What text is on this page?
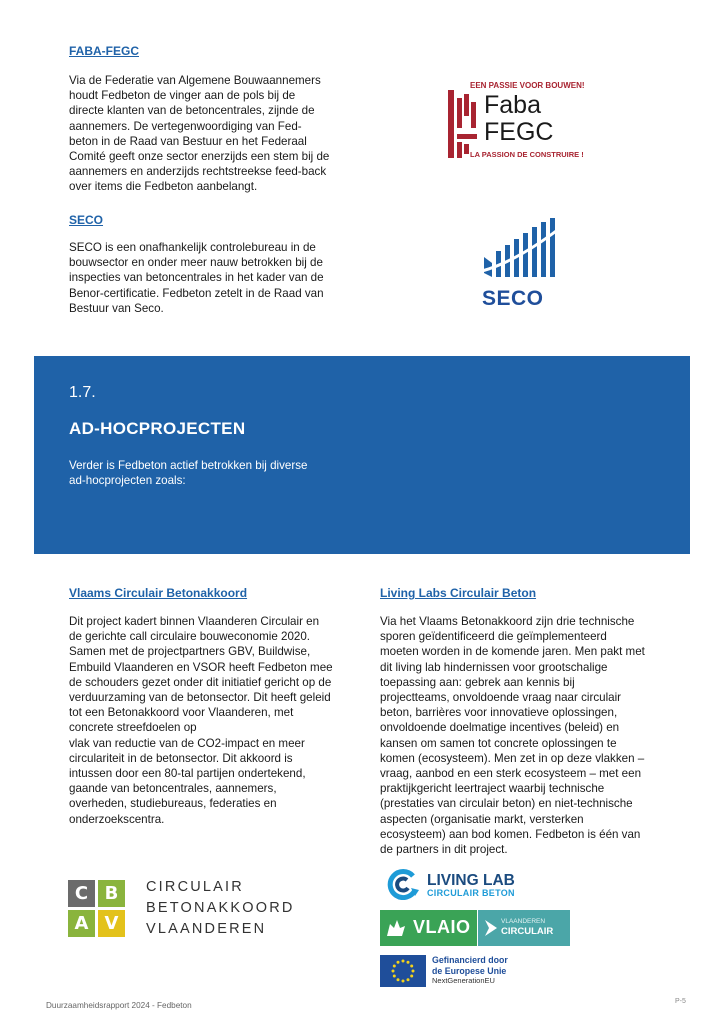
FABA-FEGC
Via de Federatie van Algemene Bouwaannemers
houdt Fedbeton de vinger aan de pols bij de
directe klanten van de betoncentrales, zijnde de
aannemers. De vertegenwoordiging van Fed-
beton in de Raad van Bestuur en het Federaal
Comité geeft onze sector enerzijds een stem bij de
aannemers en anderzijds rechtstreekse feed-back
over items die Fedbeton aanbelangt.
EEN PASSIE VOOR BOUWEN!
Faba
FEGC
LA PASSION DE CONSTRUIRE !
SECO
SECO is een onafhankelijk controlebureau in de
bouwsector en onder meer nauw betrokken bij de
inspecties van betoncentrales in het kader van de
Benor-certificatie. Fedbeton zetelt in de Raad van
Bestuur van Seco.	SECO
1.7.
AD-HOCPROJECTEN
Verder is Fedbeton actief betrokken bij diverse
ad-hocprojecten zoals:
Vlaams Circulair Betonakkoord
Dit project kadert binnen Vlaanderen Circulair en
de gerichte call circulaire bouweconomie 2020.
Samen met de projectpartners GBV, Buildwise,
Embuild Vlaanderen en VSOR heeft Fedbeton mee
de schouders gezet onder dit initiatief gericht op de
verduurzaming van de betonsector. Dit heeft geleid
tot een Betonakkoord voor Vlaanderen, met
concrete streefdoelen op
vlak van reductie van de CO2-impact en meer
circulariteit in de betonsector. Dit akkoord is
intussen door een 80-tal partijen ondertekend,
gaande van betoncentrales, aannemers,
overheden, studiebureaus, federaties en
onderzoekscentra.
C B
A V
CIRCULAIR
BETONAKKOORD
VLAANDEREN
Living Labs Circulair Beton
Via het Vlaams Betonakkoord zijn drie technische
sporen geïdentificeerd die geïmplementeerd
moeten worden in de komende jaren. Men pakt met
dit living lab hindernissen voor grootschalige
toepassing aan: gebrek aan kennis bij
projectteams, onvoldoende vraag naar circulair
beton, barrières voor innovatieve oplossingen,
onvoldoende doelmatige incentives (beleid) en
kansen om samen tot concrete oplossingen te
komen (ecosysteem). Men zet in op deze vlakken –
vraag, aanbod en een sterk ecosysteem – met een
praktijkgericht leertraject waarbij technische
(prestaties van circulair beton) en niet-technische
aspecten (organisatie markt, versterken
ecosysteem) aan bod komen. Fedbeton is één van
de partners in dit project.
LIVING LAB
CIRCULAIR BETON
VLAIO	VLAANDEREN
CIRCULAIR
Gefinancierd door
de Europese Unie
NextGenerationEU
Duurzaamheidsrapport 2024 - Fedbeton	P-5
